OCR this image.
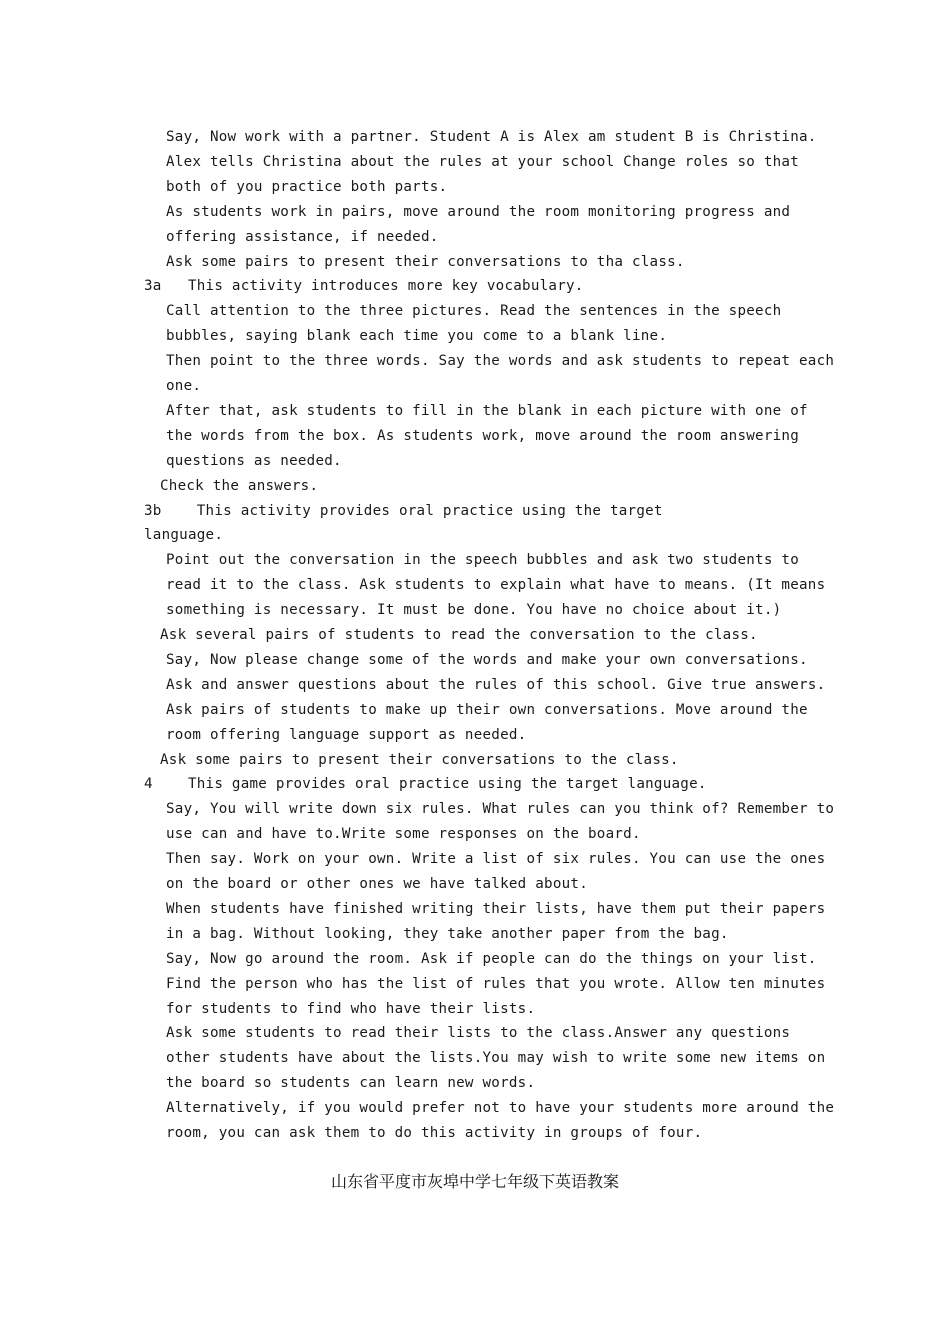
Say, Now work with a partner. Student A is Alex am student B is Christina.
Alex tells Christina about the rules at your school Change roles so that
both of you practice both parts.
As students work in pairs, move around the room monitoring progress and
offering assistance, if needed.
Ask some pairs to present their conversations to tha class.
3a   This activity introduces more key vocabulary.
Call attention to the three pictures. Read the sentences in the speech
bubbles, saying blank each time you come to a blank line.
Then point to the three words. Say the words and ask students to repeat each
one.
After that, ask students to fill in the blank in each picture with one of
the words from the box. As students work, move around the room answering
questions as needed.
Check the answers.
3b    This activity provides oral practice using the target
language.
Point out the conversation in the speech bubbles and ask two students to
read it to the class. Ask students to explain what have to means. (It means
something is necessary. It must be done. You have no choice about it.)
Ask several pairs of students to read the conversation to the class.
Say, Now please change some of the words and make your own conversations.
Ask and answer questions about the rules of this school. Give true answers.
Ask pairs of students to make up their own conversations. Move around the
room offering language support as needed.
Ask some pairs to present their conversations to the class.
4    This game provides oral practice using the target language.
Say, You will write down six rules. What rules can you think of? Remember to
use can and have to.Write some responses on the board.
Then say. Work on your own. Write a list of six rules. You can use the ones
on the board or other ones we have talked about.
When students have finished writing their lists, have them put their papers
in a bag. Without looking, they take another paper from the bag.
Say, Now go around the room. Ask if people can do the things on your list.
Find the person who has the list of rules that you wrote. Allow ten minutes
for students to find who have their lists.
Ask some students to read their lists to the class.Answer any questions
other students have about the lists.You may wish to write some new items on
the board so students can learn new words.
Alternatively, if you would prefer not to have your students more around the
room, you can ask them to do this activity in groups of four.
山东省平度市灰埠中学七年级下英语教案
